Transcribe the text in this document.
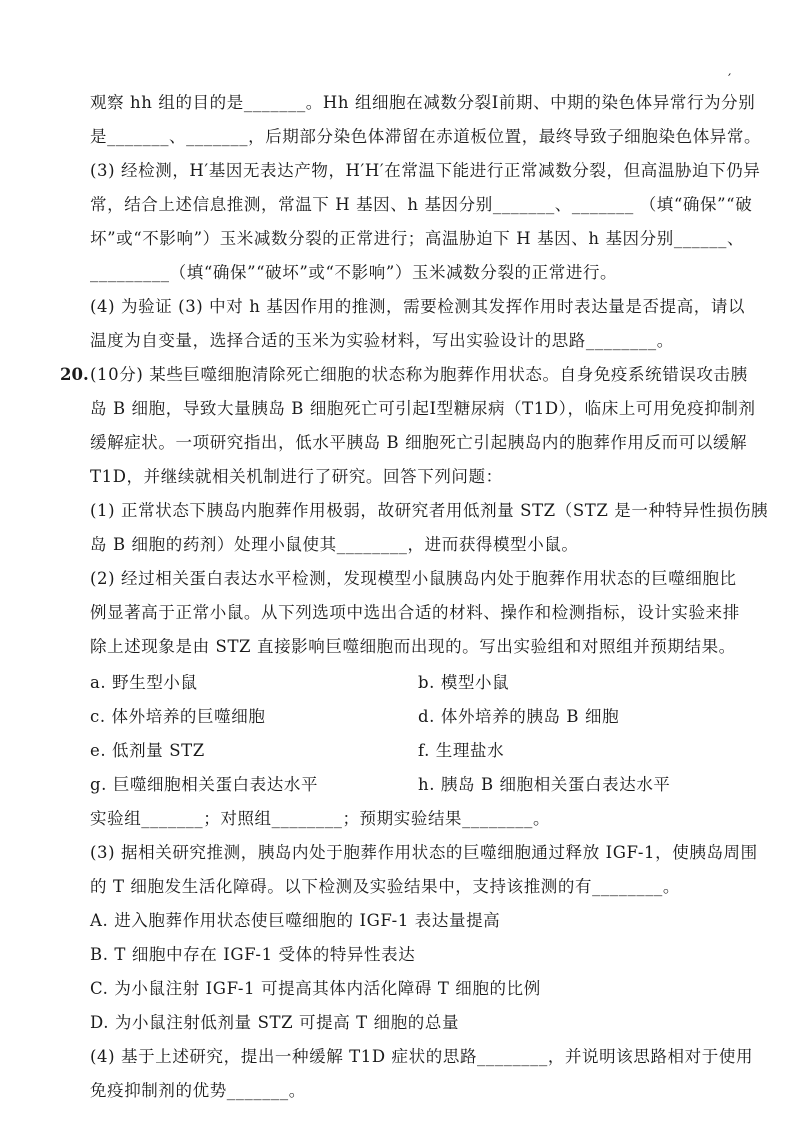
′
观察 hh 组的目的是_______。Hh 组细胞在减数分裂Ⅰ前期、中期的染色体异常行为分别
是_______、_______，后期部分染色体滞留在赤道板位置，最终导致子细胞染色体异常。
(3) 经检测，H′基因无表达产物，H′H′在常温下能进行正常减数分裂，但高温胁迫下仍异
常，结合上述信息推测，常温下 H 基因、h 基因分别_______、_______ （填“确保”“破
坏”或“不影响”）玉米减数分裂的正常进行；高温胁迫下 H 基因、h 基因分别______、
_________（填“确保”“破坏”或“不影响”）玉米减数分裂的正常进行。
(4) 为验证 (3) 中对 h 基因作用的推测，需要检测其发挥作用时表达量是否提高，请以
温度为自变量，选择合适的玉米为实验材料，写出实验设计的思路________。
20. (10分) 某些巨噬细胞清除死亡细胞的状态称为胞葬作用状态。自身免疫系统错误攻击胰
岛 B 细胞，导致大量胰岛 B 细胞死亡可引起Ⅰ型糖尿病（T1D），临床上可用免疫抑制剂
缓解症状。一项研究指出，低水平胰岛 B 细胞死亡引起胰岛内的胞葬作用反而可以缓解
T1D，并继续就相关机制进行了研究。回答下列问题：
(1) 正常状态下胰岛内胞葬作用极弱，故研究者用低剂量 STZ（STZ 是一种特异性损伤胰
岛 B 细胞的药剂）处理小鼠使其________，进而获得模型小鼠。
(2) 经过相关蛋白表达水平检测，发现模型小鼠胰岛内处于胞葬作用状态的巨噬细胞比
例显著高于正常小鼠。从下列选项中选出合适的材料、操作和检测指标，设计实验来排
除上述现象是由 STZ 直接影响巨噬细胞而出现的。写出实验组和对照组并预期结果。
a. 野生型小鼠	b. 模型小鼠
c. 体外培养的巨噬细胞	d. 体外培养的胰岛 B 细胞
e. 低剂量 STZ	f. 生理盐水
g. 巨噬细胞相关蛋白表达水平	h. 胰岛 B 细胞相关蛋白表达水平
实验组_______；对照组________；预期实验结果________。
(3) 据相关研究推测，胰岛内处于胞葬作用状态的巨噬细胞通过释放 IGF-1，使胰岛周围
的 T 细胞发生活化障碍。以下检测及实验结果中，支持该推测的有________。
A. 进入胞葬作用状态使巨噬细胞的 IGF-1 表达量提高
B. T 细胞中存在 IGF-1 受体的特异性表达
C. 为小鼠注射 IGF-1 可提高其体内活化障碍 T 细胞的比例
D. 为小鼠注射低剂量 STZ 可提高 T 细胞的总量
(4) 基于上述研究，提出一种缓解 T1D 症状的思路________，并说明该思路相对于使用
免疫抑制剂的优势_______。
